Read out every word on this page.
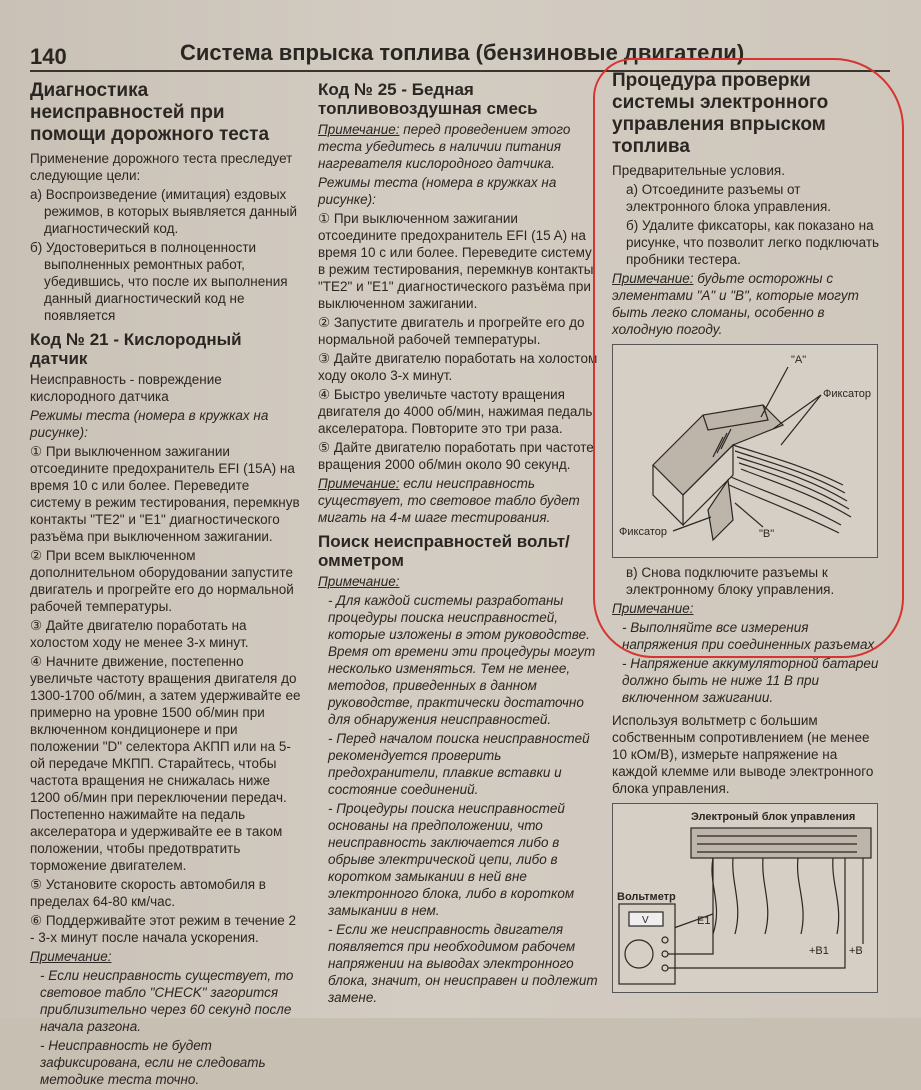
140	Система впрыска топлива (бензиновые двигатели)
Диагностика неисправностей при помощи дорожного теста

Применение дорожного теста преследует следующие цели:

а) Воспроизведение (имитация) ездовых режимов, в которых выявляется данный диагностический код.

б) Удостовериться в полноценности выполненных ремонтных работ, убедившись, что после их выполнения данный диагностический код не появляется

Код № 21 - Кислородный датчик

Неисправность - повреждение кислородного датчика

Режимы теста (номера в кружках на рисунке):

① При выключенном зажигании отсоедините предохранитель EFI (15A) на время 10 с или более. Переведите систему в режим тестирования, перемкнув контакты "TE2" и "E1" диагностического разъёма при выключенном зажигании.

② При всем выключенном дополнительном оборудовании запустите двигатель и прогрейте его до нормальной рабочей температуры.

③ Дайте двигателю поработать на холостом ходу не менее 3-х минут.

④ Начните движение, постепенно увеличьте частоту вращения двигателя до 1300-1700 об/мин, а затем удерживайте ее примерно на уровне 1500 об/мин при включенном кондиционере и при положении "D" селектора АКПП или на 5-ой передаче МКПП. Старайтесь, чтобы частота вращения не снижалась ниже 1200 об/мин при переключении передач. Постепенно нажимайте на педаль акселератора и удерживайте ее в таком положении, чтобы предотвратить торможение двигателем.

⑤ Установите скорость автомобиля в пределах 64-80 км/час.

⑥ Поддерживайте этот режим в течение 2 - 3-х минут после начала ускорения.

Примечание:

- Если неисправность существует, то световое табло "CHECK" загорится приблизительно через 60 секунд после начала разгона.

- Неисправность не будет зафиксирована, если не следовать методике теста точно.

Код № 25 - Бедная топливовоздушная смесь

Примечание: перед проведением этого теста убедитесь в наличии питания нагревателя кислородного датчика.

Режимы теста (номера в кружках на рисунке):

① При выключенном зажигании отсоедините предохранитель EFI (15 A) на время 10 с или более. Переведите систему в режим тестирования, перемкнув контакты "TE2" и "E1" диагностического разъёма при выключенном зажигании.

② Запустите двигатель и прогрейте его до нормальной рабочей температуры.

③ Дайте двигателю поработать на холостом ходу около 3-х минут.

④ Быстро увеличьте частоту вращения двигателя до 4000 об/мин, нажимая педаль акселератора. Повторите это три раза.

⑤ Дайте двигателю поработать при частоте вращения 2000 об/мин около 90 секунд.

Примечание: если неисправность существует, то световое табло будет мигать на 4-м шаге тестирования.

Поиск неисправностей вольт/омметром

Примечание:

- Для каждой системы разработаны процедуры поиска неисправностей, которые изложены в этом руководстве. Время от времени эти процедуры могут несколько изменяться. Тем не менее, методов, приведенных в данном руководстве, практически достаточно для обнаружения неисправностей.

- Перед началом поиска неисправностей рекомендуется проверить предохранители, плавкие вставки и состояние соединений.

- Процедуры поиска неисправностей основаны на предположении, что неисправность заключается либо в обрыве электрической цепи, либо в коротком замыкании в ней вне электронного блока, либо в коротком замыкании в нем.

- Если же неисправность двигателя появляется при необходимом рабочем напряжении на выводах электронного блока, значит, он неисправен и подлежит замене.

Процедура проверки системы электронного управления впрыском топлива

Предварительные условия.

а) Отсоедините разъемы от электронного блока управления.

б) Удалите фиксаторы, как показано на рисунке, что позволит легко подключать пробники тестера.

Примечание: будьте осторожны с элементами "A" и "B", которые могут быть легко сломаны, особенно в холодную погоду.

"A"
Фиксатор
Фиксатор	"B"

в) Снова подключите разъемы к электронному блоку управления.

Примечание:

- Выполняйте все измерения напряжения при соединенных разъемах.

- Напряжение аккумуляторной батареи должно быть не ниже 11 В при включенном зажигании.

Используя вольтметр с большим собственным сопротивлением (не менее 10 кОм/В), измерьте напряжение на каждой клемме или выводе электронного блока управления.

Электроный блок управления
Вольтметр
V	E1
+B1 +B
